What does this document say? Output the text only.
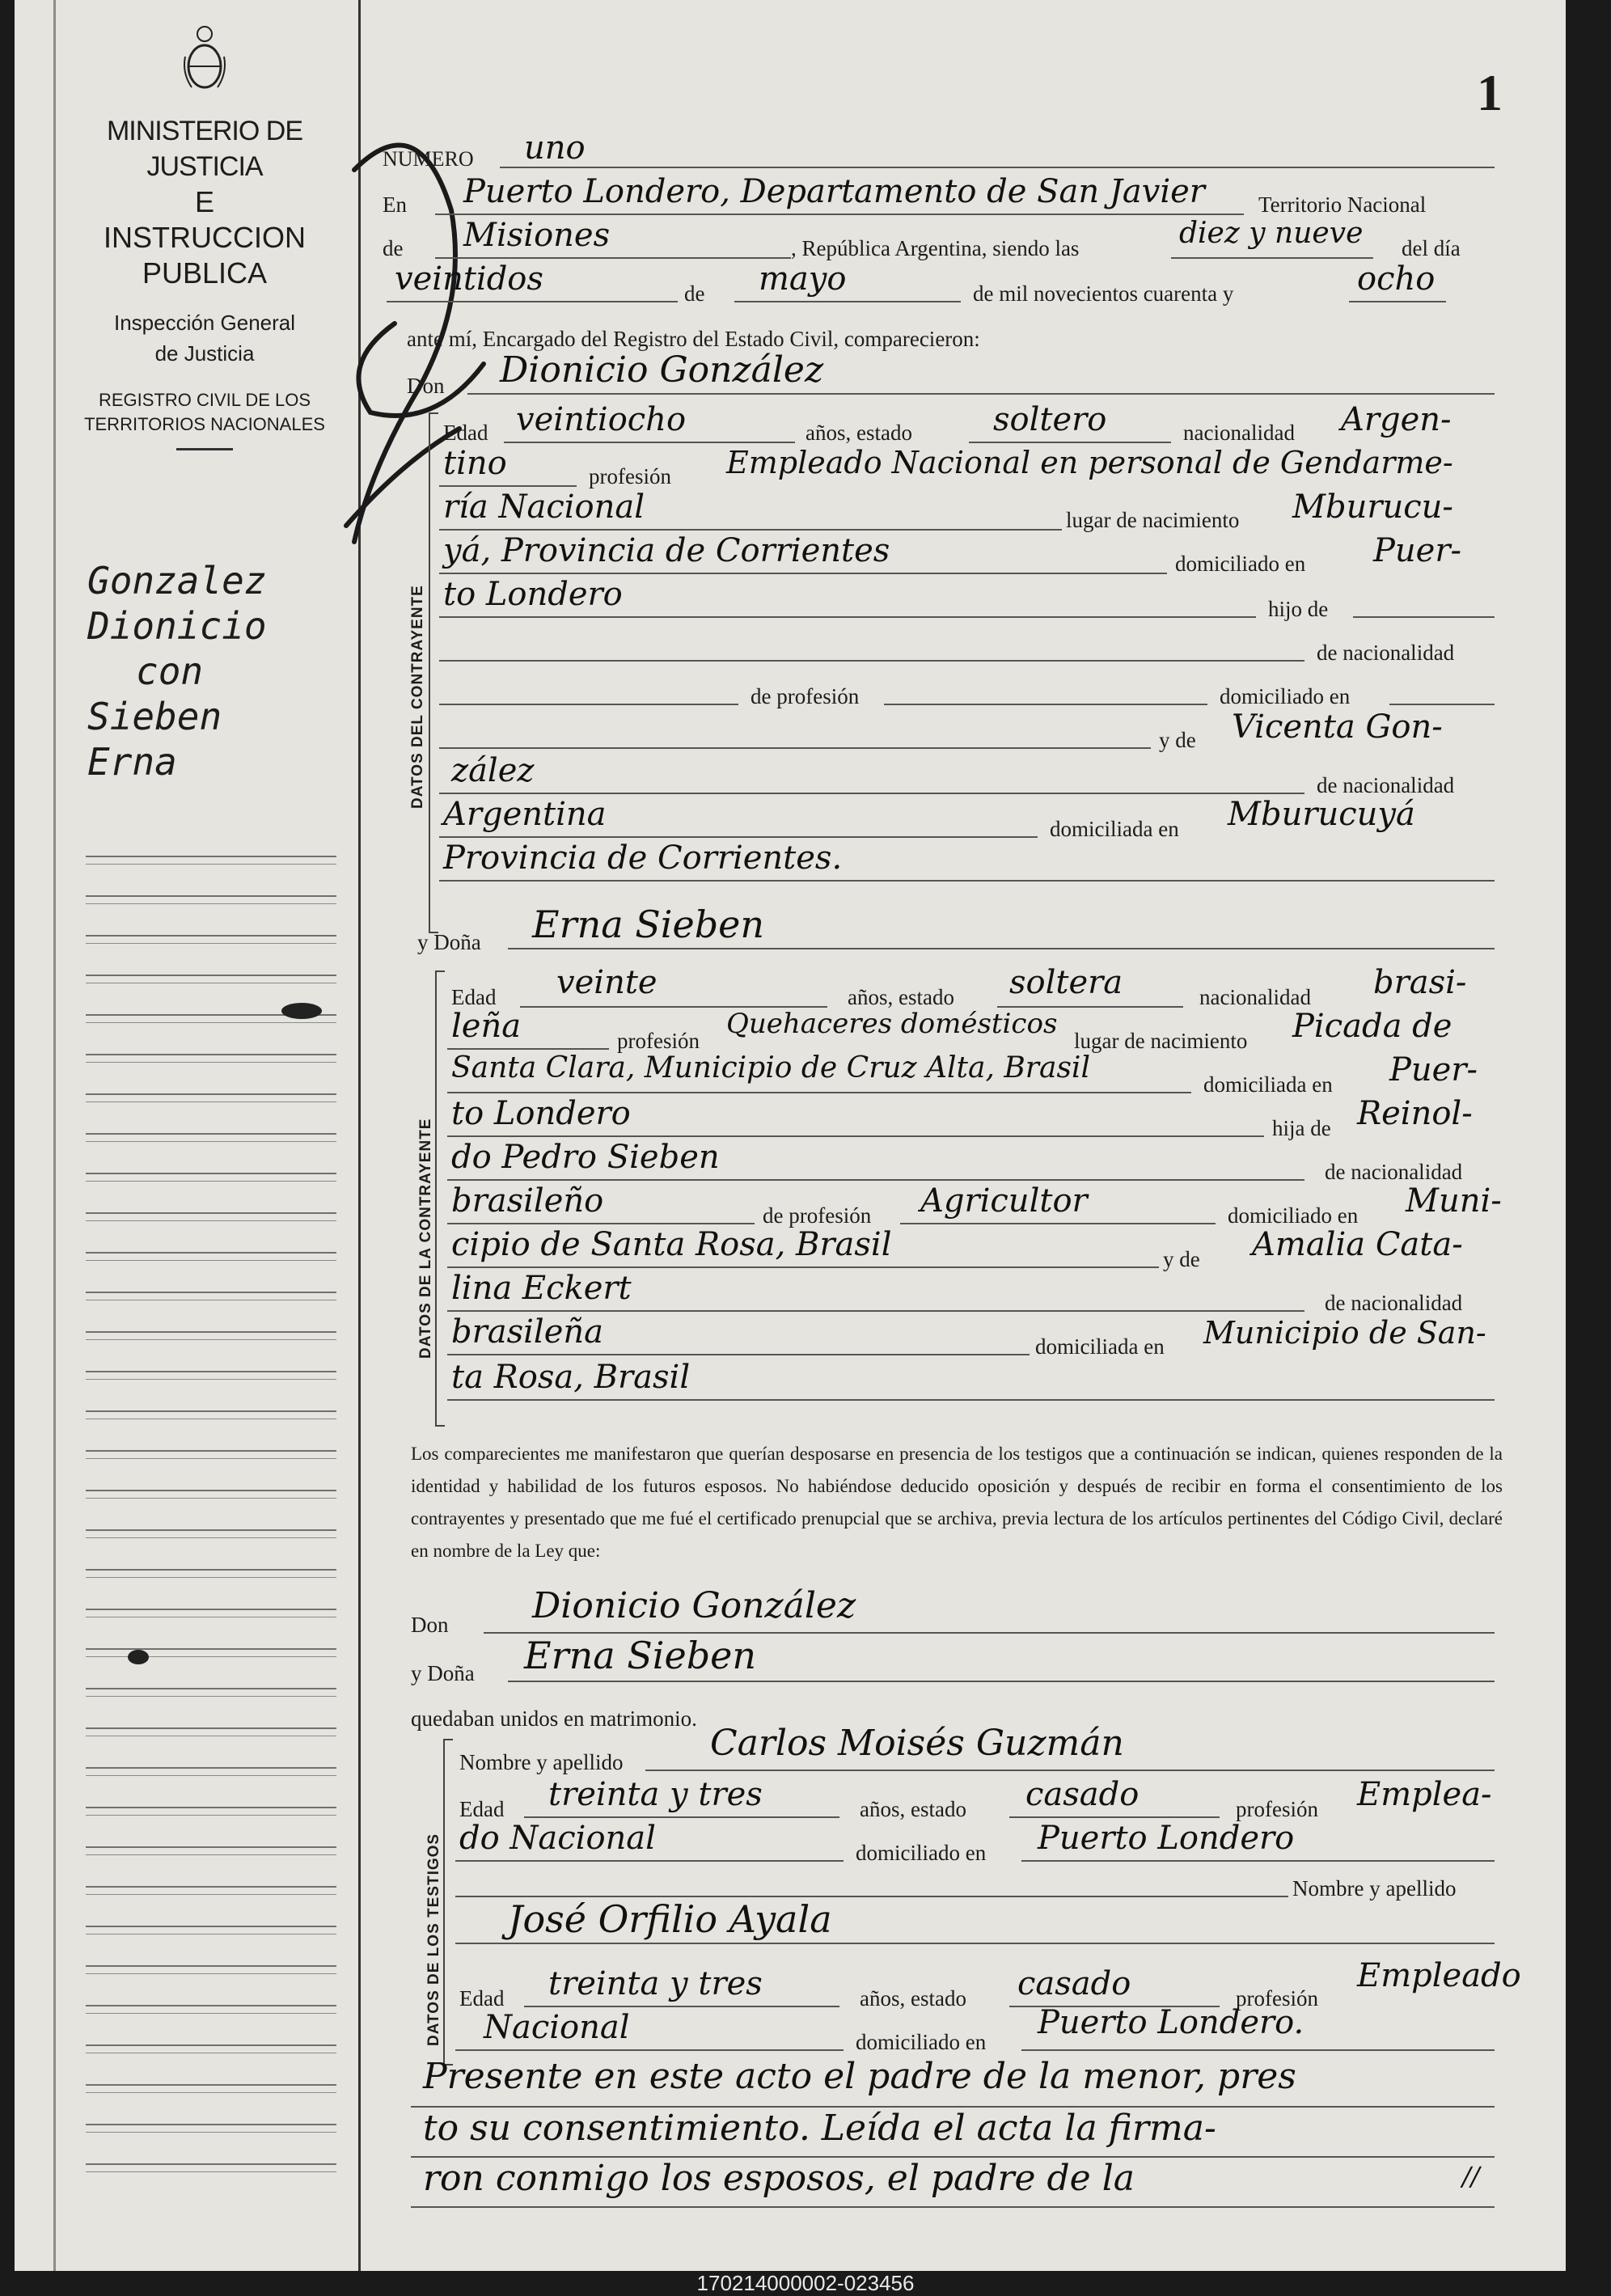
1
MINISTERIO DE JUSTICIA
E
INSTRUCCION PUBLICA
Inspección General
de Justicia
REGISTRO CIVIL DE LOS
TERRITORIOS NACIONALES
Gonzalez
Dionicio
con
Sieben
Erna
NUMERO uno
En Puerto Londero, Departamento de San Javier Territorio Nacional
de Misiones	, República Argentina, siendo las	diez y nueve del día
veintidos	de mayo	de mil novecientos cuarenta y	ocho
ante mí, Encargado del Registro del Estado Civil, comparecieron:
Don Dionicio González
DATOS DEL CONTRAYENTE
Edad veintiocho	años, estado	soltero	nacionalidad Argen-
tino	profesión Empleado Nacional en personal de Gendarme-
ría Nacional	lugar de nacimiento Mburucu-
yá, Provincia de Corrientes	domiciliado en Puer-
to Londero	hijo de
de nacionalidad
de profesión	domiciliado en
y de Vicenta Gon-
zález	de nacionalidad
Argentina	domiciliada en Mburucuyá
Provincia de Corrientes.
y Doña Erna Sieben
DATOS DE LA CONTRAYENTE
Edad veinte	años, estado soltera	nacionalidad brasi-
leña	profesión
Quehaceres domésticos
lugar de nacimiento Picada de
Santa Clara, Municipio de Cruz Alta, Brasil	domiciliada en Puer-
to Londero	hija de Reinol-
do Pedro Sieben	de nacionalidad
brasileño	de profesión Agricultor	domiciliado en Muni-
cipio de Santa Rosa, Brasil	y de Amalia Cata-
lina Eckert	de nacionalidad
brasileña	domiciliada en Municipio de San-
ta Rosa, Brasil
Los comparecientes me manifestaron que querían desposarse en presencia de los testigos que a continuación se indican, quienes responden de la identidad y habilidad de los futuros esposos. No habiéndose deducido oposición y después de recibir en forma el consentimiento de los contrayentes y presentado que me fué el certificado prenupcial que se archiva, previa lectura de los artículos pertinentes del Código Civil, declaré en nombre de la Ley que:
Don Dionicio González
y Doña Erna Sieben
quedaban unidos en matrimonio.
DATOS DE LOS TESTIGOS
Nombre y apellido Carlos Moisés Guzmán
Edad treinta y tres	años, estado casado	profesión Emplea-
do Nacional	domiciliado en Puerto Londero
Nombre y apellido
José Orfilio Ayala
Edad treinta y tres	años, estado casado	profesión
Empleado
Nacional	domiciliado en
Puerto Londero.
Presente en este acto el padre de la menor, pres
to su consentimiento. Leída el acta la firma-
ron conmigo los esposos, el padre de la	//
170214000002-023456
